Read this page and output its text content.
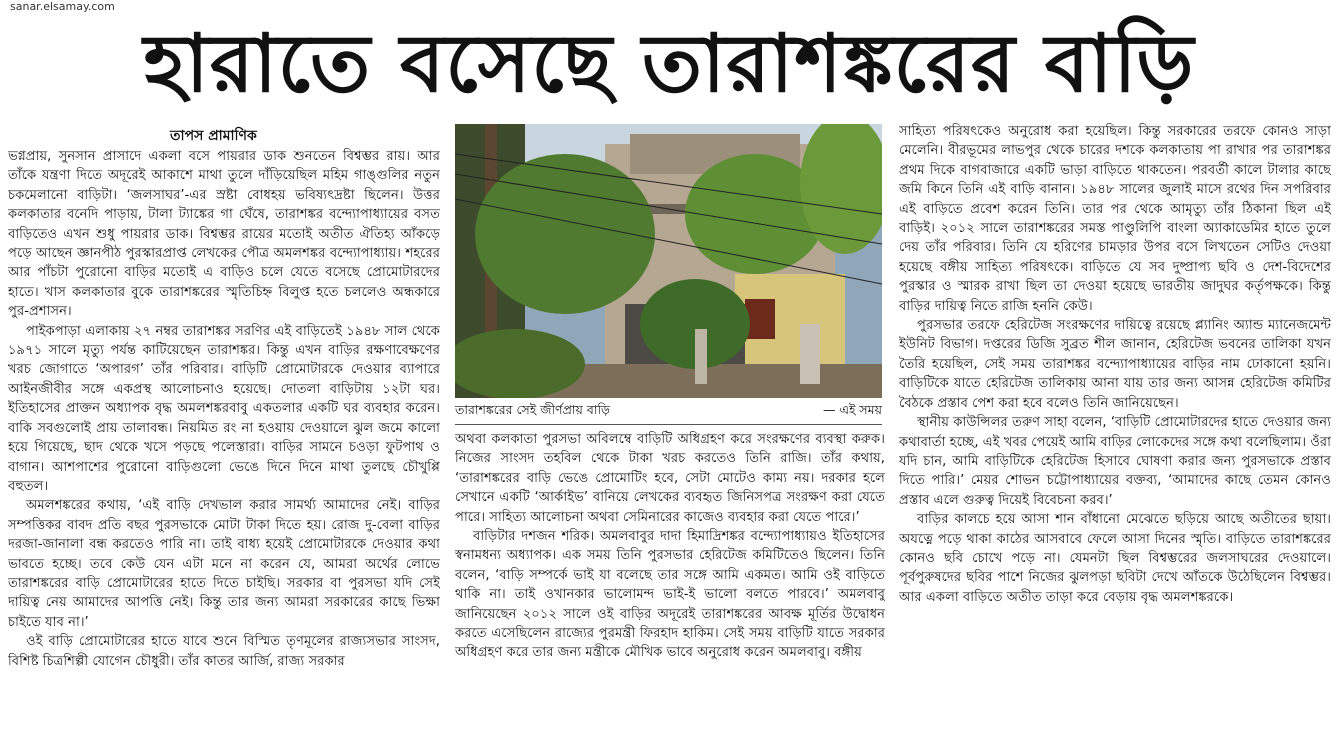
sanar.elsamay.com
হারাতে বসেছে তারাশঙ্করের বাড়ি
তাপস প্রামাণিক

ভগ্নপ্রায়, সুনসান প্রাসাদে একলা বসে পায়রার ডাক শুনতেন বিশ্বম্ভর রায়। আর তাঁকে যন্ত্রণা দিতে অদূরেই আকাশে মাথা তুলে দাঁড়িয়েছিল মহিম গাঙ্গুলির নতুন চকমেলানো বাড়িটা। ‘জলসাঘর’-এর স্রষ্টা বোধহয় ভবিষ্যৎদ্রষ্টা ছিলেন। উত্তর কলকাতার বনেদি পাড়ায়, টালা ট্যাঙ্কের গা ঘেঁষে, তারাশঙ্কর বন্দ্যোপাধ্যায়ের বসত বাড়িতেও এখন শুধু পায়রার ডাক। বিশ্বম্ভর রায়ের মতোই অতীত ঐতিহ্য আঁকড়ে পড়ে আছেন জ্ঞানপীঠ পুরস্কারপ্রাপ্ত লেখকের পৌত্র অমলশঙ্কর বন্দ্যোপাধ্যায়। শহরের আর পাঁচটা পুরোনো বাড়ির মতোই এ বাড়িও চলে যেতে বসেছে প্রোমোটারদের হাতে। খাস কলকাতার বুকে তারাশঙ্করের স্মৃতিচিহ্ন বিলুপ্ত হতে চললেও অন্ধকারে পুর-প্রশাসন।

পাইকপাড়া এলাকায় ২৭ নম্বর তারাশঙ্কর সরণির এই বাড়িতেই ১৯৪৮ সাল থেকে ১৯৭১ সালে মৃত্যু পর্যন্ত কাটিয়েছেন তারাশঙ্কর। কিন্তু এখন বাড়ির রক্ষণাবেক্ষণের খরচ জোগাতে ‘অপারগ’ তাঁর পরিবার। বাড়িটি প্রোমোটারকে দেওয়ার ব্যাপারে আইনজীবীর সঙ্গে একপ্রস্থ আলোচনাও হয়েছে। দোতলা বাড়িটায় ১২টা ঘর। ইতিহাসের প্রাক্তন অধ্যাপক বৃদ্ধ অমলশঙ্করবাবু একতলার একটি ঘর ব্যবহার করেন। বাকি সবগুলোই প্রায় তালাবন্ধ। নিয়মিত রং না হওয়ায় দেওয়ালে ঝুল জমে কালো হয়ে গিয়েছে, ছাদ থেকে খসে পড়ছে পলেস্তারা। বাড়ির সামনে চওড়া ফুটপাথ ও বাগান। আশপাশের পুরোনো বাড়িগুলো ভেঙে দিনে দিনে মাথা তুলছে চৌখুপ্পি বহুতল।

অমলশঙ্করের কথায়, ‘এই বাড়ি দেখভাল করার সামর্থ্য আমাদের নেই। বাড়ির সম্পত্তিকর বাবদ প্রতি বছর পুরসভাকে মোটা টাকা দিতে হয়। রোজ দু-বেলা বাড়ির দরজা-জানালা বন্ধ করতেও পারি না। তাই বাধ্য হয়েই প্রোমোটারকে দেওয়ার কথা ভাবতে হচ্ছে। তবে কেউ যেন এটা মনে না করেন যে, আমরা অর্থের লোভে তারাশঙ্করের বাড়ি প্রোমোটারের হাতে দিতে চাইছি। সরকার বা পুরসভা যদি সেই দায়িত্ব নেয় আমাদের আপত্তি নেই। কিন্তু তার জন্য আমরা সরকারের কাছে ভিক্ষা চাইতে যাব না।’

ওই বাড়ি প্রোমোটারের হাতে যাবে শুনে বিস্মিত তৃণমূলের রাজ্যসভার সাংসদ, বিশিষ্ট চিত্রশিল্পী যোগেন চৌধুরী। তাঁর কাতর আর্জি, রাজ্য সরকার

তারাশঙ্করের সেই জীর্ণপ্রায় বাড়ি	— এই সময়

অথবা কলকাতা পুরসভা অবিলম্বে বাড়িটি অধিগ্রহণ করে সংরক্ষণের ব্যবস্থা করুক। নিজের সাংসদ তহবিল থেকে টাকা খরচ করতেও তিনি রাজি। তাঁর কথায়, ‘তারাশঙ্করের বাড়ি ভেঙে প্রোমোটিং হবে, সেটা মোটেও কাম্য নয়। দরকার হলে সেখানে একটি ‘আর্কাইভ’ বানিয়ে লেখকের ব্যবহৃত জিনিসপত্র সংরক্ষণ করা যেতে পারে। সাহিত্য আলোচনা অথবা সেমিনারের কাজেও ব্যবহার করা যেতে পারে।’

বাড়িটার দশজন শরিক। অমলবাবুর দাদা হিমাদ্রিশঙ্কর বন্দ্যোপাধ্যায়ও ইতিহাসের স্বনামধন্য অধ্যাপক। এক সময় তিনি পুরসভার হেরিটেজ কমিটিতেও ছিলেন। তিনি বলেন, ‘বাড়ি সম্পর্কে ভাই যা বলেছে তার সঙ্গে আমি একমত। আমি ওই বাড়িতে থাকি না। তাই ওখানকার ভালোমন্দ ভাই-ই ভালো বলতে পারবে।’ অমলবাবু জানিয়েছেন ২০১২ সালে ওই বাড়ির অদূরেই তারাশঙ্করের আবক্ষ মূর্তির উদ্বোধন করতে এসেছিলেন রাজ্যের পুরমন্ত্রী ফিরহাদ হাকিম। সেই সময় বাড়িটি যাতে সরকার অধিগ্রহণ করে তার জন্য মন্ত্রীকে মৌখিক ভাবে অনুরোধ করেন অমলবাবু। বঙ্গীয়

সাহিত্য পরিষৎকেও অনুরোধ করা হয়েছিল। কিন্তু সরকারের তরফে কোনও সাড়া মেলেনি। বীরভূমের লাভপুর থেকে চারের দশকে কলকাতায় পা রাখার পর তারাশঙ্কর প্রথম দিকে বাগবাজারে একটি ভাড়া বাড়িতে থাকতেন। পরবর্তী কালে টালার কাছে জমি কিনে তিনি এই বাড়ি বানান। ১৯৪৮ সালের জুলাই মাসে রথের দিন সপরিবার এই বাড়িতে প্রবেশ করেন তিনি। তার পর থেকে আমৃত্যু তাঁর ঠিকানা ছিল এই বাড়িই। ২০১২ সালে তারাশঙ্করের সমস্ত পাণ্ডুলিপি বাংলা অ্যাকাডেমির হাতে তুলে দেয় তাঁর পরিবার। তিনি যে হরিণের চামড়ার উপর বসে লিখতেন সেটিও দেওয়া হয়েছে বঙ্গীয় সাহিত্য পরিষৎকে। বাড়িতে যে সব দুষ্প্রাপ্য ছবি ও দেশ-বিদেশের পুরস্কার ও স্মারক রাখা ছিল তা দেওয়া হয়েছে ভারতীয় জাদুঘর কর্তৃপক্ষকে। কিন্তু বাড়ির দায়িত্ব নিতে রাজি হননি কেউ।

পুরসভার তরফে হেরিটেজ সংরক্ষণের দায়িত্বে রয়েছে প্ল্যানিং অ্যান্ড ম্যানেজমেন্ট ইউনিট বিভাগ। দপ্তরের ডিজি সুব্রত শীল জানান, হেরিটেজ ভবনের তালিকা যখন তৈরি হয়েছিল, সেই সময় তারাশঙ্কর বন্দ্যোপাধ্যায়ের বাড়ির নাম ঢোকানো হয়নি। বাড়িটিকে যাতে হেরিটেজ তালিকায় আনা যায় তার জন্য আসন্ন হেরিটেজ কমিটির বৈঠকে প্রস্তাব পেশ করা হবে বলেও তিনি জানিয়েছেন।

স্থানীয় কাউন্সিলর তরুণ সাহা বলেন, ‘বাড়িটি প্রোমোটারদের হাতে দেওয়ার জন্য কথাবার্তা হচ্ছে, এই খবর পেয়েই আমি বাড়ির লোকেদের সঙ্গে কথা বলেছিলাম। ওঁরা যদি চান, আমি বাড়িটিকে হেরিটেজ হিসাবে ঘোষণা করার জন্য পুরসভাকে প্রস্তাব দিতে পারি।’ মেয়র শোভন চট্টোপাধ্যায়ের বক্তব্য, ‘আমাদের কাছে তেমন কোনও প্রস্তাব এলে গুরুত্ব দিয়েই বিবেচনা করব।’

বাড়ির কালচে হয়ে আসা শান বাঁধানো মেঝেতে ছড়িয়ে আছে অতীতের ছায়া। অযত্নে পড়ে থাকা কাঠের আসবাবে ফেলে আসা দিনের স্মৃতি। বাড়িতে তারাশঙ্করের কোনও ছবি চোখে পড়ে না। যেমনটা ছিল বিশ্বম্ভরের জলসাঘরের দেওয়ালে। পূর্বপুরুষদের ছবির পাশে নিজের ঝুলপড়া ছবিটা দেখে আঁতকে উঠেছিলেন বিশ্বম্ভর। আর একলা বাড়িতে অতীত তাড়া করে বেড়ায় বৃদ্ধ অমলশঙ্করকে।
